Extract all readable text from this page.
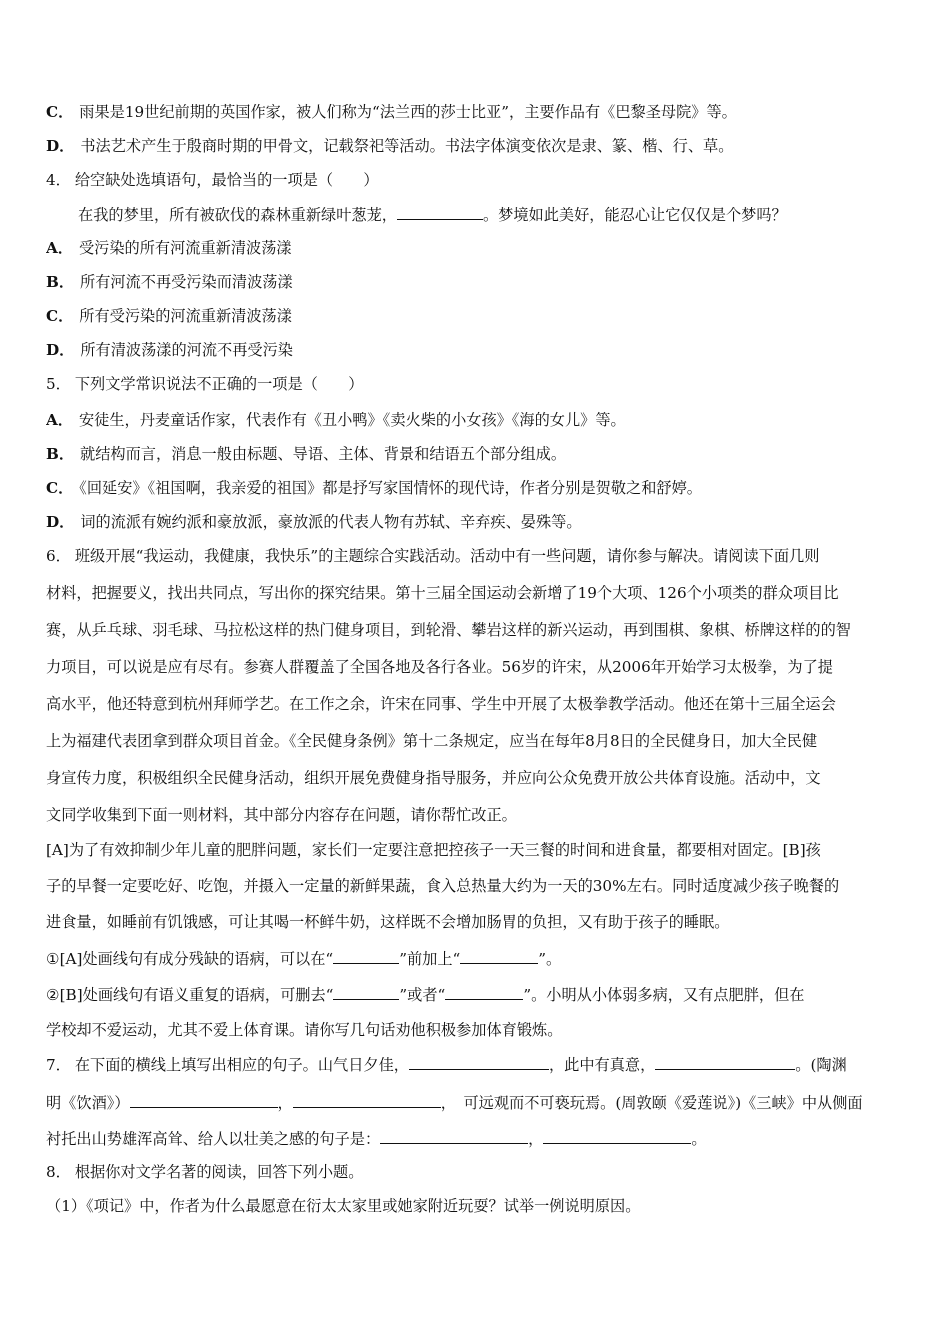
C． 雨果是19世纪前期的英国作家，被人们称为“法兰西的莎士比亚”，主要作品有《巴黎圣母院》等。
D． 书法艺术产生于殷商时期的甲骨文，记载祭祀等活动。书法字体演变依次是隶、篆、楷、行、草。
4． 给空缺处选填语句，最恰当的一项是（　　）
在我的梦里，所有被砍伐的森林重新绿叶葱茏，	。梦境如此美好，能忍心让它仅仅是个梦吗？
A． 受污染的所有河流重新清波荡漾
B． 所有河流不再受污染而清波荡漾
C． 所有受污染的河流重新清波荡漾
D． 所有清波荡漾的河流不再受污染
5． 下列文学常识说法不正确的一项是（　　）
A． 安徒生，丹麦童话作家，代表作有《丑小鸭》《卖火柴的小女孩》《海的女儿》等。
B． 就结构而言，消息一般由标题、导语、主体、背景和结语五个部分组成。
C． 《回延安》《祖国啊，我亲爱的祖国》都是抒写家国情怀的现代诗，作者分别是贺敬之和舒婷。
D． 词的流派有婉约派和豪放派，豪放派的代表人物有苏轼、辛弃疾、晏殊等。
6． 班级开展“我运动，我健康，我快乐”的主题综合实践活动。活动中有一些问题，请你参与解决。请阅读下面几则
材料，把握要义，找出共同点，写出你的探究结果。第十三届全国运动会新增了19个大项、126个小项类的群众项目比
赛，从乒乓球、羽毛球、马拉松这样的热门健身项目，到轮滑、攀岩这样的新兴运动，再到围棋、象棋、桥牌这样的的智
力项目，可以说是应有尽有。参赛人群覆盖了全国各地及各行各业。56岁的许宋，从2006年开始学习太极拳，为了提
高水平，他还特意到杭州拜师学艺。在工作之余，许宋在同事、学生中开展了太极拳教学活动。他还在第十三届全运会
上为福建代表团拿到群众项目首金。《全民健身条例》第十二条规定，应当在每年8月8日的全民健身日，加大全民健
身宣传力度，积极组织全民健身活动，组织开展免费健身指导服务，并应向公众免费开放公共体育设施。活动中，文
文同学收集到下面一则材料，其中部分内容存在问题，请你帮忙改正。
[A]为了有效抑制少年儿童的肥胖问题，家长们一定要注意把控孩子一天三餐的时间和进食量，都要相对固定。[B]孩
子的早餐一定要吃好、吃饱，并摄入一定量的新鲜果蔬，食入总热量大约为一天的30%左右。同时适度减少孩子晚餐的
进食量，如睡前有饥饿感，可让其喝一杯鲜牛奶，这样既不会增加肠胃的负担，又有助于孩子的睡眠。
①[A]处画线句有成分残缺的语病，可以在“	”前加上“	”。
②[B]处画线句有语义重复的语病，可删去“	”或者“	”。小明从小体弱多病，又有点肥胖，但在
学校却不爱运动，尤其不爱上体育课。请你写几句话劝他积极参加体育锻炼。
7． 在下面的横线上填写出相应的句子。山气日夕佳，	，此中有真意，	。(陶渊
明《饮酒》）	，	，　可远观而不可亵玩焉。(周敦颐《爱莲说》)《三峡》中从侧面
衬托出山势雄浑高耸、给人以壮美之感的句子是：	，	。
8． 根据你对文学名著的阅读，回答下列小题。
（1）《项记》中，作者为什么最愿意在衍太太家里或她家附近玩耍？试举一例说明原因。
